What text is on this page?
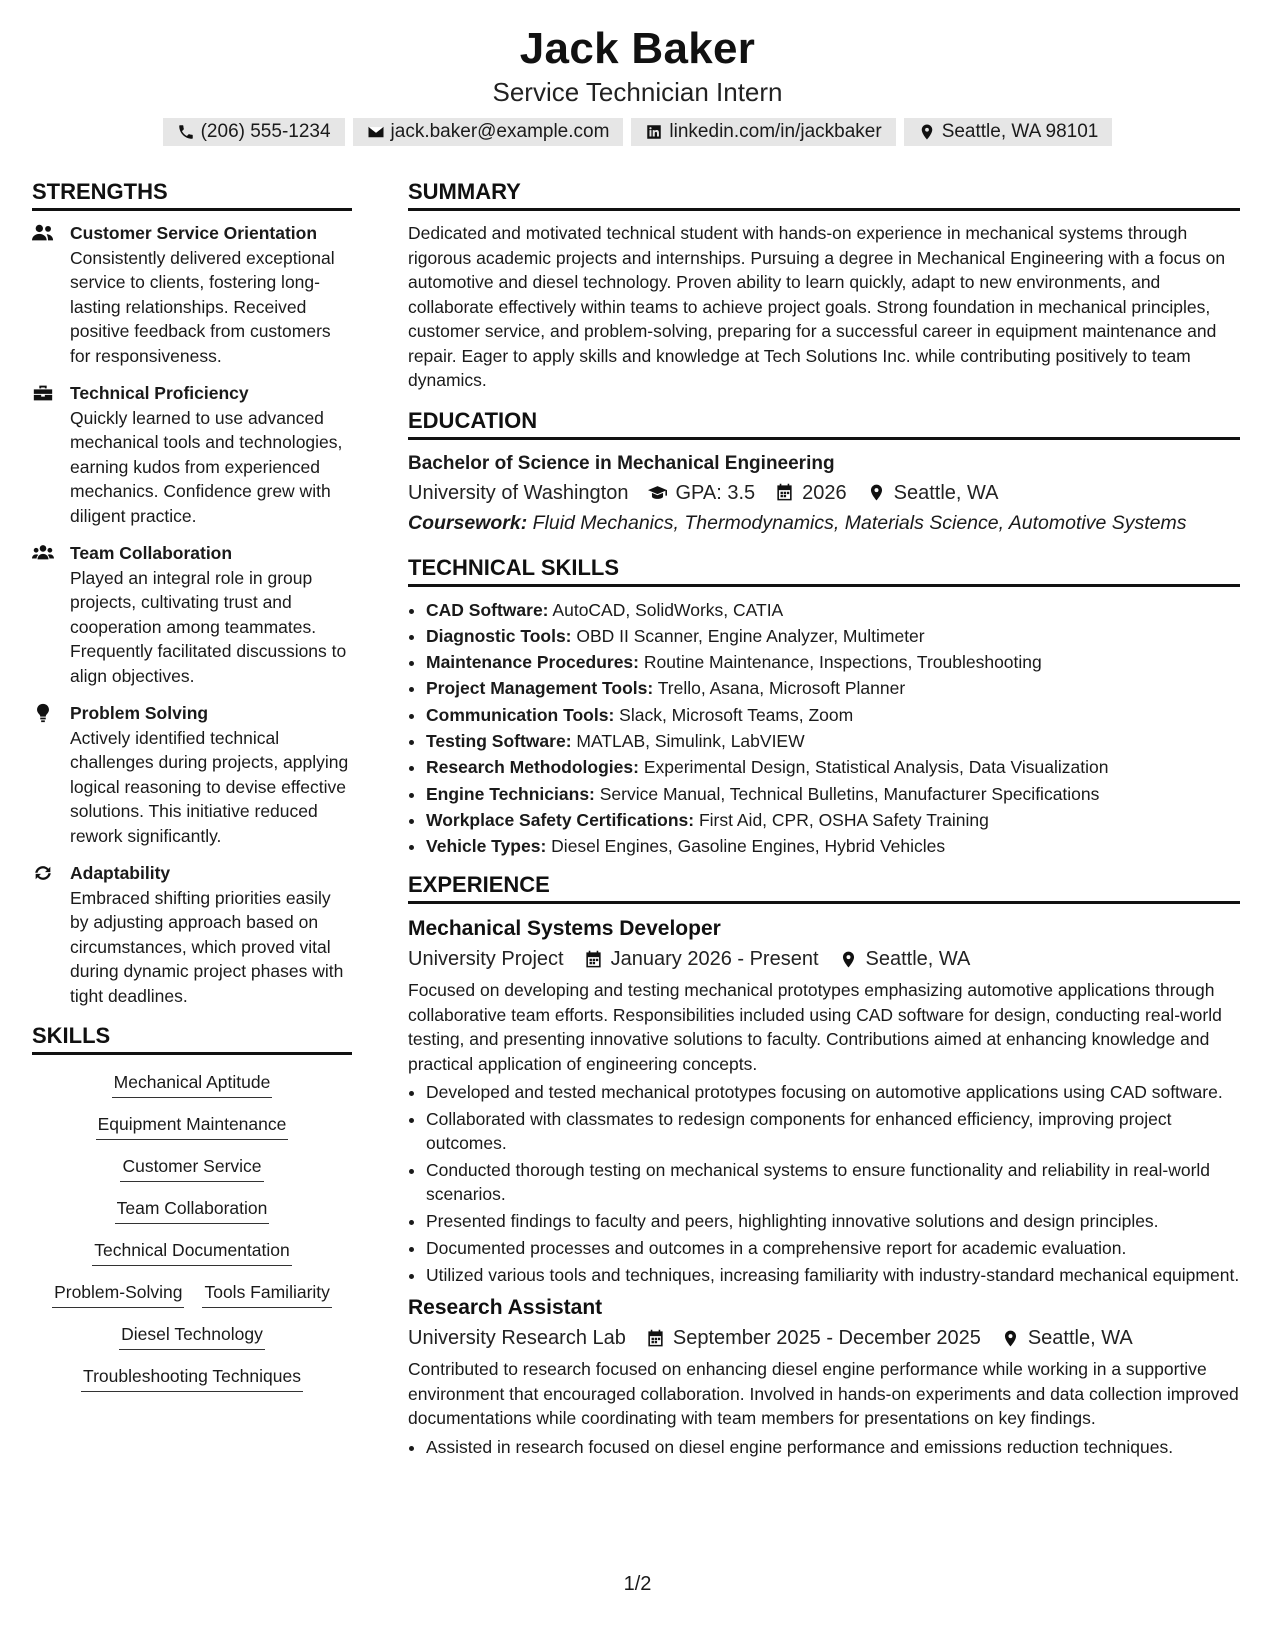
Jack Baker
Service Technician Intern
(206) 555-1234	jack.baker@example.com	linkedin.com/in/jackbaker	Seattle, WA 98101
STRENGTHS
Customer Service Orientation
Consistently delivered exceptional service to clients, fostering long-lasting relationships. Received positive feedback from customers for responsiveness.
Technical Proficiency
Quickly learned to use advanced mechanical tools and technologies, earning kudos from experienced mechanics. Confidence grew with diligent practice.
Team Collaboration
Played an integral role in group projects, cultivating trust and cooperation among teammates. Frequently facilitated discussions to align objectives.
Problem Solving
Actively identified technical challenges during projects, applying logical reasoning to devise effective solutions. This initiative reduced rework significantly.
Adaptability
Embraced shifting priorities easily by adjusting approach based on circumstances, which proved vital during dynamic project phases with tight deadlines.
SKILLS
Mechanical Aptitude
Equipment Maintenance
Customer Service
Team Collaboration
Technical Documentation
Problem-Solving Tools Familiarity
Diesel Technology
Troubleshooting Techniques
SUMMARY

Dedicated and motivated technical student with hands-on experience in mechanical systems through rigorous academic projects and internships. Pursuing a degree in Mechanical Engineering with a focus on automotive and diesel technology. Proven ability to learn quickly, adapt to new environments, and collaborate effectively within teams to achieve project goals. Strong foundation in mechanical principles, customer service, and problem-solving, preparing for a successful career in equipment maintenance and repair. Eager to apply skills and knowledge at Tech Solutions Inc. while contributing positively to team dynamics.

EDUCATION
Bachelor of Science in Mechanical Engineering
University of Washington GPA: 3.5 2026 Seattle, WA
Coursework: Fluid Mechanics, Thermodynamics, Materials Science, Automotive Systems
TECHNICAL SKILLS
• CAD Software: AutoCAD, SolidWorks, CATIA
• Diagnostic Tools: OBD II Scanner, Engine Analyzer, Multimeter
• Maintenance Procedures: Routine Maintenance, Inspections, Troubleshooting
• Project Management Tools: Trello, Asana, Microsoft Planner
• Communication Tools: Slack, Microsoft Teams, Zoom
• Testing Software: MATLAB, Simulink, LabVIEW
• Research Methodologies: Experimental Design, Statistical Analysis, Data Visualization
• Engine Technicians: Service Manual, Technical Bulletins, Manufacturer Specifications
• Workplace Safety Certifications: First Aid, CPR, OSHA Safety Training
• Vehicle Types: Diesel Engines, Gasoline Engines, Hybrid Vehicles
EXPERIENCE
Mechanical Systems Developer
University Project January 2026 - Present Seattle, WA

Focused on developing and testing mechanical prototypes emphasizing automotive applications through collaborative team efforts. Responsibilities included using CAD software for design, conducting real-world testing, and presenting innovative solutions to faculty. Contributions aimed at enhancing knowledge and practical application of engineering concepts.

• Developed and tested mechanical prototypes focusing on automotive applications using CAD software.
• Collaborated with classmates to redesign components for enhanced efficiency, improving project outcomes.
• Conducted thorough testing on mechanical systems to ensure functionality and reliability in real-world scenarios.
• Presented findings to faculty and peers, highlighting innovative solutions and design principles.
• Documented processes and outcomes in a comprehensive report for academic evaluation.
• Utilized various tools and techniques, increasing familiarity with industry-standard mechanical equipment.
Research Assistant
University Research Lab September 2025 - December 2025 Seattle, WA

Contributed to research focused on enhancing diesel engine performance while working in a supportive environment that encouraged collaboration. Involved in hands-on experiments and data collection improved documentations while coordinating with team members for presentations on key findings.

• Assisted in research focused on diesel engine performance and emissions reduction techniques.
1/2
